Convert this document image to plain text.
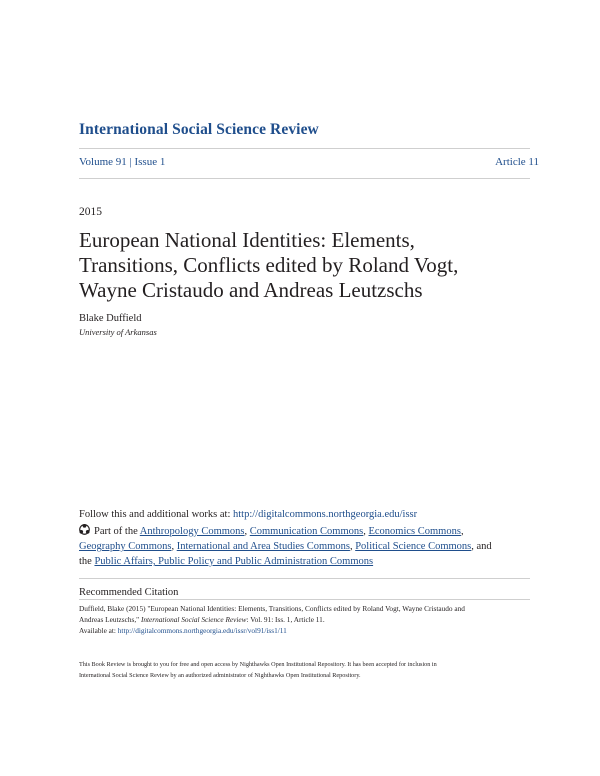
International Social Science Review
Volume 91 | Issue 1	Article 11
2015
European National Identities: Elements,
Transitions, Conflicts edited by Roland Vogt,
Wayne Cristaudo and Andreas Leutzschs
Blake Duffield
University of Arkansas
Follow this and additional works at: http://digitalcommons.northgeorgia.edu/issr
Part of the Anthropology Commons, Communication Commons, Economics Commons,
Geography Commons, International and Area Studies Commons, Political Science Commons, and
the Public Affairs, Public Policy and Public Administration Commons
Recommended Citation
Duffield, Blake (2015) "European National Identities: Elements, Transitions, Conflicts edited by Roland Vogt, Wayne Cristaudo and
Andreas Leutzschs," International Social Science Review: Vol. 91: Iss. 1, Article 11.
Available at: http://digitalcommons.northgeorgia.edu/issr/vol91/iss1/11
This Book Review is brought to you for free and open access by Nighthawks Open Institutional Repository. It has been accepted for inclusion in
International Social Science Review by an authorized administrator of Nighthawks Open Institutional Repository.
